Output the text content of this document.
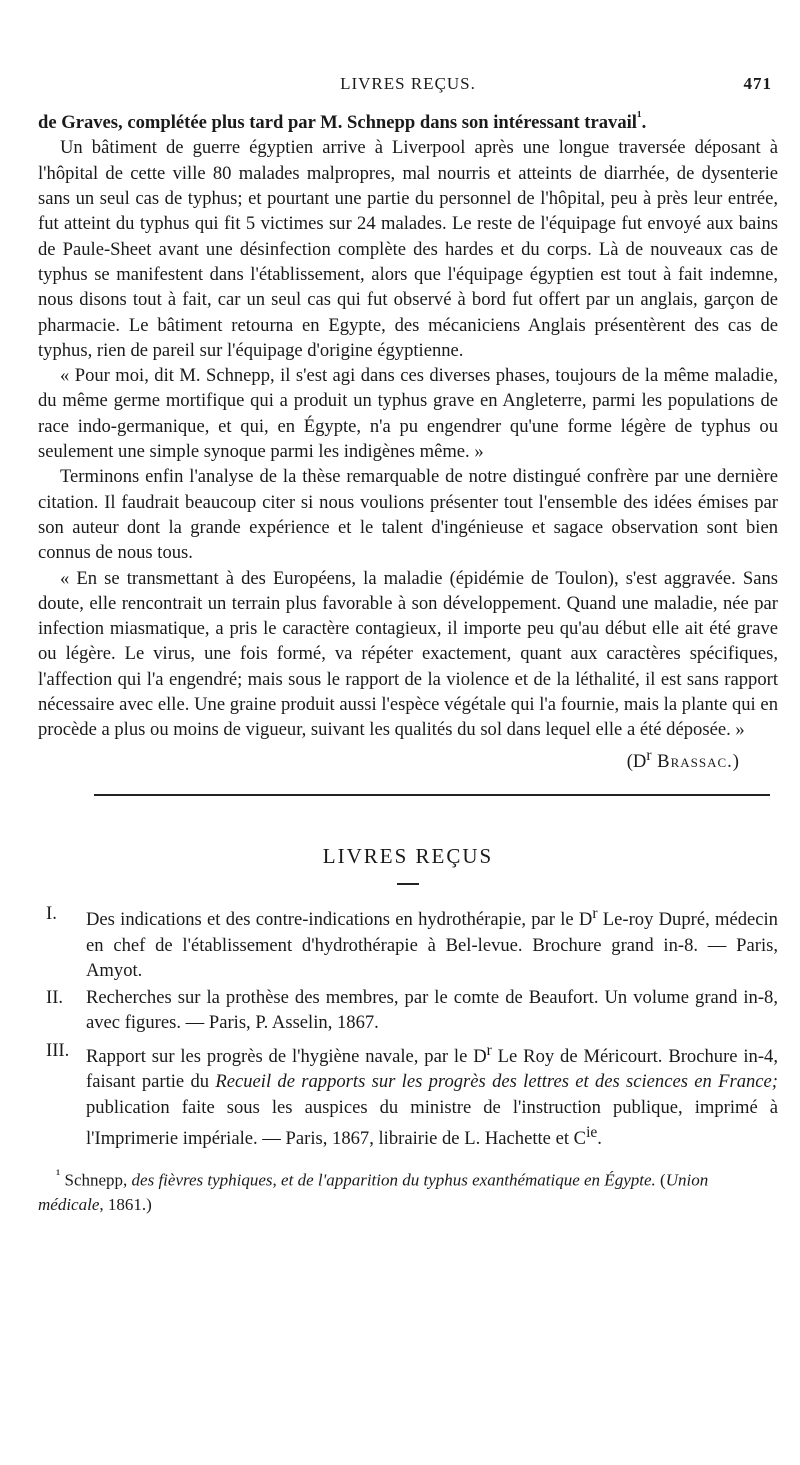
LIVRES REÇUS.	471

de Graves, complétée plus tard par M. Schnepp dans son intéressant travail$^{^1}$.

Un bâtiment de guerre égyptien arrive à Liverpool après une longue traversée déposant à l'hôpital de cette ville 80 malades malpropres, mal nourris et atteints de diarrhée, de dysenterie sans un seul cas de typhus; et pourtant une partie du personnel de l'hôpital, peu à près leur entrée, fut atteint du typhus qui fit 5 victimes sur 24 malades. Le reste de l'équipage fut envoyé aux bains de Paule-Sheet avant une désinfection complète des hardes et du corps. Là de nouveaux cas de typhus se manifestent dans l'établissement, alors que l'équipage égyptien est tout à fait indemne, nous disons tout à fait, car un seul cas qui fut observé à bord fut offert par un anglais, garçon de pharmacie. Le bâtiment retourna en Egypte, des mécaniciens Anglais présentèrent des cas de typhus, rien de pareil sur l'équipage d'origine égyptienne.

« Pour moi, dit M. Schnepp, il s'est agi dans ces diverses phases, toujours de la même maladie, du même germe mortifique qui a produit un typhus grave en Angleterre, parmi les populations de race indo-germanique, et qui, en Égypte, n'a pu engendrer qu'une forme légère de typhus ou seulement une simple synoque parmi les indigènes même. »

Terminons enfin l'analyse de la thèse remarquable de notre distingué confrère par une dernière citation. Il faudrait beaucoup citer si nous voulions présenter tout l'ensemble des idées émises par son auteur dont la grande expérience et le talent d'ingénieuse et sagace observation sont bien connus de nous tous.

« En se transmettant à des Européens, la maladie (épidémie de Toulon), s'est aggravée. Sans doute, elle rencontrait un terrain plus favorable à son développement. Quand une maladie, née par infection miasmatique, a pris le caractère contagieux, il importe peu qu'au début elle ait été grave ou légère. Le virus, une fois formé, va répéter exactement, quant aux caractères spécifiques, l'affection qui l'a engendré; mais sous le rapport de la violence et de la léthalité, il est sans rapport nécessaire avec elle. Une graine produit aussi l'espèce végétale qui l'a fournie, mais la plante qui en procède a plus ou moins de vigueur, suivant les qualités du sol dans lequel elle a été déposée. »

($D^r$ Brassac.)
LIVRES REÇUS
I. Des indications et des contre-indications en hydrothérapie, par le $D^r$ Le-roy Dupré, médecin en chef de l'établissement d'hydrothérapie à Bel-levue. Brochure grand in-8. — Paris, Amyot.
II. Recherches sur la prothèse des membres, par le comte de Beaufort. Un volume grand in-8, avec figures. — Paris, P. Asselin, 1867.
III. Rapport sur les progrès de l'hygiène navale, par le $D^r$ Le Roy de Méricourt. Brochure in-4, faisant partie du Recueil de rapports sur les progrès des lettres et des sciences en France; publication faite sous les auspices du ministre de l'instruction publique, imprimé à l'Imprimerie impériale. — Paris, 1867, librairie de L. Hachette et $C^{ie}$.

$^{^1}$ Schnepp, des fièvres typhiques, et de l'apparition du typhus exanthématique en Égypte. (Union médicale, 1861.)
